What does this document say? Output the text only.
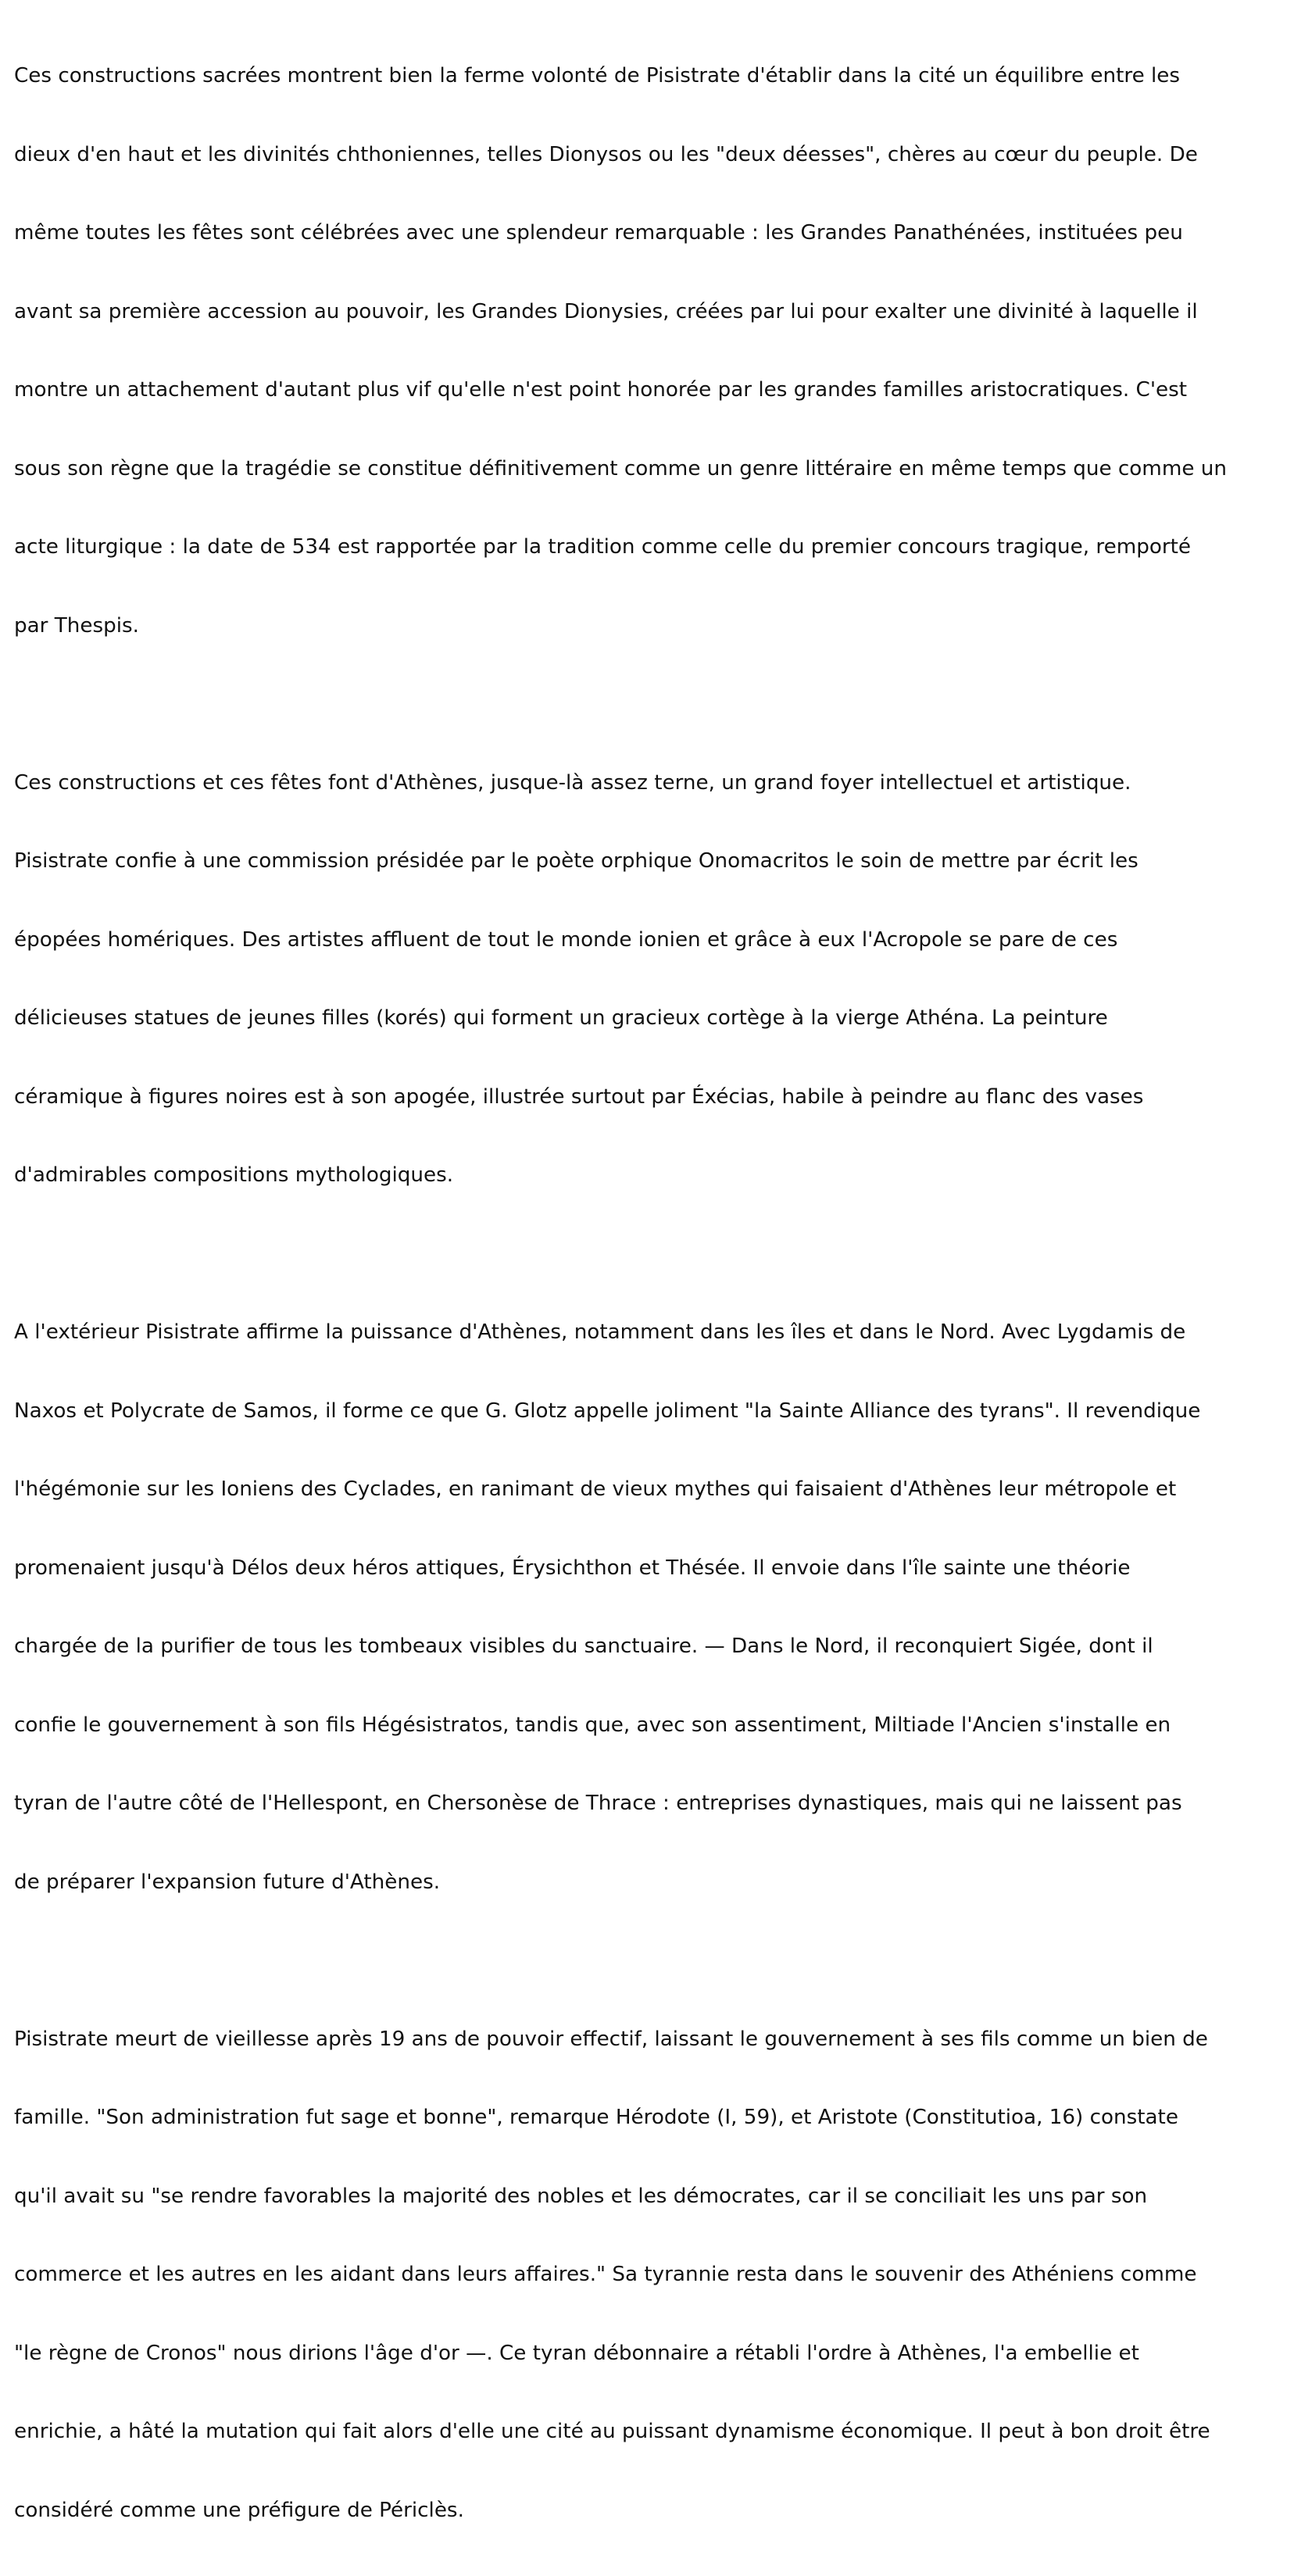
Ces constructions sacrées montrent bien la ferme volonté de Pisistrate d'établir dans la cité un équilibre entre les

dieux d'en haut et les divinités chthoniennes, telles Dionysos ou les "deux déesses", chères au cœur du peuple. De

même toutes les fêtes sont célébrées avec une splendeur remarquable : les Grandes Panathénées, instituées peu

avant sa première accession au pouvoir, les Grandes Dionysies, créées par lui pour exalter une divinité à laquelle il

montre un attachement d'autant plus vif qu'elle n'est point honorée par les grandes familles aristocratiques. C'est

sous son règne que la tragédie se constitue définitivement comme un genre littéraire en même temps que comme un

acte liturgique : la date de 534 est rapportée par la tradition comme celle du premier concours tragique, remporté

par Thespis.

Ces constructions et ces fêtes font d'Athènes, jusque-là assez terne, un grand foyer intellectuel et artistique.

Pisistrate confie à une commission présidée par le poète orphique Onomacritos le soin de mettre par écrit les

épopées homériques. Des artistes affluent de tout le monde ionien et grâce à eux l'Acropole se pare de ces

délicieuses statues de jeunes filles (korés) qui forment un gracieux cortège à la vierge Athéna. La peinture

céramique à figures noires est à son apogée, illustrée surtout par Éxécias, habile à peindre au flanc des vases

d'admirables compositions mythologiques.

A l'extérieur Pisistrate affirme la puissance d'Athènes, notamment dans les îles et dans le Nord. Avec Lygdamis de

Naxos et Polycrate de Samos, il forme ce que G. Glotz appelle joliment "la Sainte Alliance des tyrans". Il revendique

l'hégémonie sur les Ioniens des Cyclades, en ranimant de vieux mythes qui faisaient d'Athènes leur métropole et

promenaient jusqu'à Délos deux héros attiques, Érysichthon et Thésée. Il envoie dans l'île sainte une théorie

chargée de la purifier de tous les tombeaux visibles du sanctuaire. — Dans le Nord, il reconquiert Sigée, dont il

confie le gouvernement à son fils Hégésistratos, tandis que, avec son assentiment, Miltiade l'Ancien s'installe en

tyran de l'autre côté de l'Hellespont, en Chersonèse de Thrace : entreprises dynastiques, mais qui ne laissent pas

de préparer l'expansion future d'Athènes.

Pisistrate meurt de vieillesse après 19 ans de pouvoir effectif, laissant le gouvernement à ses fils comme un bien de

famille. "Son administration fut sage et bonne", remarque Hérodote (I, 59), et Aristote (Constitutioa, 16) constate

qu'il avait su "se rendre favorables la majorité des nobles et les démocrates, car il se conciliait les uns par son

commerce et les autres en les aidant dans leurs affaires." Sa tyrannie resta dans le souvenir des Athéniens comme

"le règne de Cronos" nous dirions l'âge d'or —. Ce tyran débonnaire a rétabli l'ordre à Athènes, l'a embellie et

enrichie, a hâté la mutation qui fait alors d'elle une cité au puissant dynamisme économique. Il peut à bon droit être

considéré comme une préfigure de Périclès.
